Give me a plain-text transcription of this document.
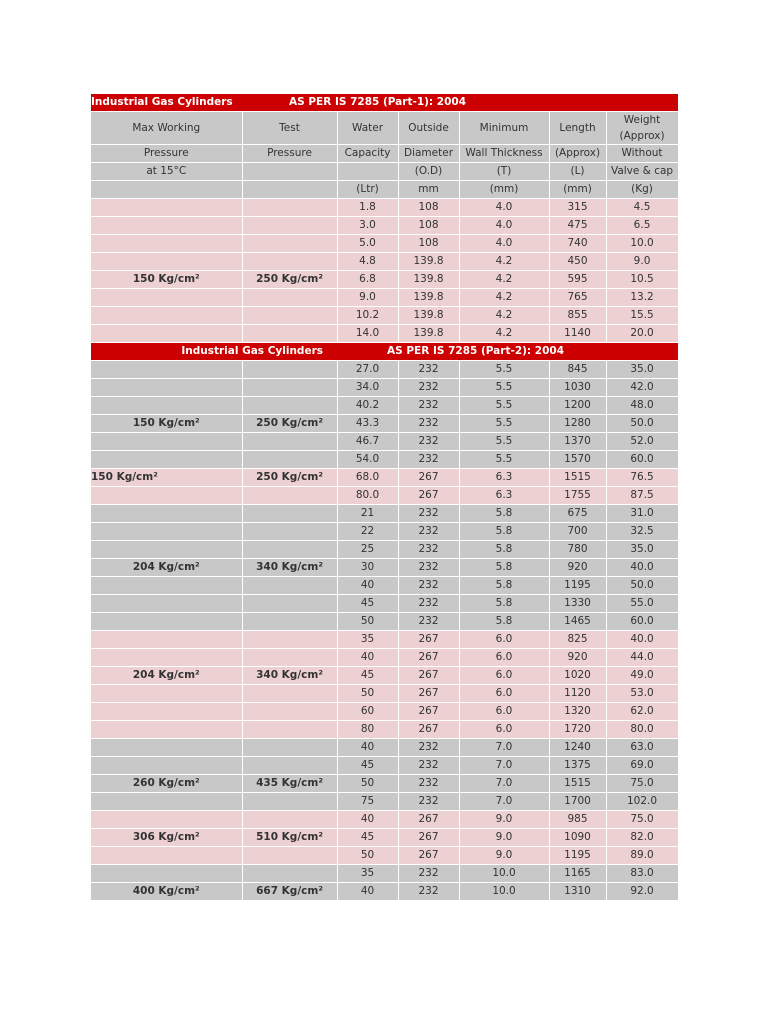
Industrial Gas Cylinders		AS PER IS 7285 (Part-1): 2004				
Max Working	Test	Water	Outside	Minimum	Length	Weight (Approx)
Pressure	Pressure	Capacity	Diameter	Wall Thickness	(Approx)	Without
at 15°C			(O.D)	(T)	(L)	Valve & cap
		(Ltr)	mm	(mm)	(mm)	(Kg)
		1.8	108	4.0	315	4.5
		3.0	108	4.0	475	6.5
		5.0	108	4.0	740	10.0
		4.8	139.8	4.2	450	9.0
150 Kg/cm²	250 Kg/cm²	6.8	139.8	4.2	595	10.5
		9.0	139.8	4.2	765	13.2
		10.2	139.8	4.2	855	15.5
		14.0	139.8	4.2	1140	20.0
Industrial Gas Cylinders		AS PER IS 7285 (Part-2): 2004				
		27.0	232	5.5	845	35.0
		34.0	232	5.5	1030	42.0
		40.2	232	5.5	1200	48.0
150 Kg/cm²	250 Kg/cm²	43.3	232	5.5	1280	50.0
		46.7	232	5.5	1370	52.0
		54.0	232	5.5	1570	60.0
150 Kg/cm²	250 Kg/cm²	68.0	267	6.3	1515	76.5
		80.0	267	6.3	1755	87.5
		21	232	5.8	675	31.0
		22	232	5.8	700	32.5
		25	232	5.8	780	35.0
204 Kg/cm²	340 Kg/cm²	30	232	5.8	920	40.0
		40	232	5.8	1195	50.0
		45	232	5.8	1330	55.0
		50	232	5.8	1465	60.0
		35	267	6.0	825	40.0
		40	267	6.0	920	44.0
204 Kg/cm²	340 Kg/cm²	45	267	6.0	1020	49.0
		50	267	6.0	1120	53.0
		60	267	6.0	1320	62.0
		80	267	6.0	1720	80.0
		40	232	7.0	1240	63.0
		45	232	7.0	1375	69.0
260 Kg/cm²	435 Kg/cm²	50	232	7.0	1515	75.0
		75	232	7.0	1700	102.0
		40	267	9.0	985	75.0
306 Kg/cm²	510 Kg/cm²	45	267	9.0	1090	82.0
		50	267	9.0	1195	89.0
		35	232	10.0	1165	83.0
400 Kg/cm²	667 Kg/cm²	40	232	10.0	1310	92.0
